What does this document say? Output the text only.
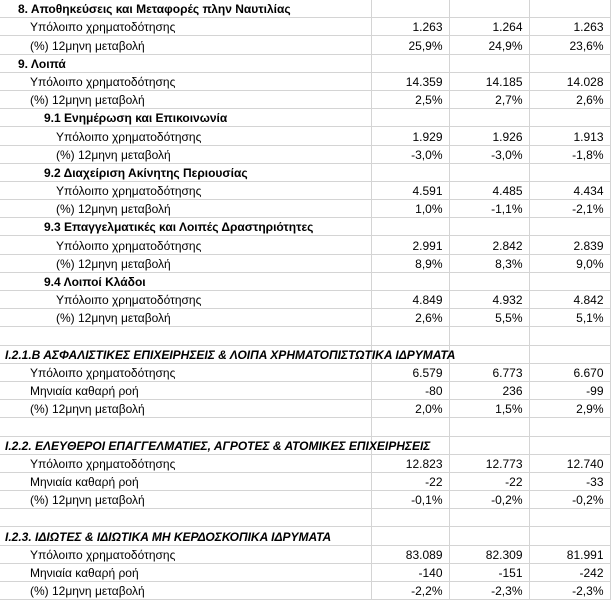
8. Αποθηκεύσεις και Μεταφορές πλην Ναυτιλίας			
Υπόλοιπο χρηματοδότησης	1.263	1.264	1.263
(%) 12μηνη μεταβολή	25,9%	24,9%	23,6%
9. Λοιπά			
Υπόλοιπο χρηματοδότησης	14.359	14.185	14.028
(%) 12μηνη μεταβολή	2,5%	2,7%	2,6%
9.1 Ενημέρωση και Επικοινωνία			
Υπόλοιπο χρηματοδότησης	1.929	1.926	1.913
(%) 12μηνη μεταβολή	-3,0%	-3,0%	-1,8%
9.2 Διαχείριση Ακίνητης Περιουσίας			
Υπόλοιπο χρηματοδότησης	4.591	4.485	4.434
(%) 12μηνη μεταβολή	1,0%	-1,1%	-2,1%
9.3 Επαγγελματικές και Λοιπές Δραστηριότητες			
Υπόλοιπο χρηματοδότησης	2.991	2.842	2.839
(%) 12μηνη μεταβολή	8,9%	8,3%	9,0%
9.4 Λοιποί Κλάδοι			
Υπόλοιπο χρηματοδότησης	4.849	4.932	4.842
(%) 12μηνη μεταβολή	2,6%	5,5%	5,1%

Ι.2.1.Β ΑΣΦΑΛΙΣΤΙΚΕΣ ΕΠΙΧΕΙΡΗΣΕΙΣ & ΛΟΙΠΑ ΧΡΗΜΑΤΟΠΙΣΤΩΤΙΚΑ ΙΔΡΥΜΑΤΑ			
Υπόλοιπο χρηματοδότησης	6.579	6.773	6.670
Μηνιαία καθαρή ροή	-80	236	-99
(%) 12μηνη μεταβολή	2,0%	1,5%	2,9%

Ι.2.2. ΕΛΕΥΘΕΡΟΙ ΕΠΑΓΓΕΛΜΑΤΙΕΣ, ΑΓΡΟΤΕΣ & ΑΤΟΜΙΚΕΣ ΕΠΙΧΕΙΡΗΣΕΙΣ			
Υπόλοιπο χρηματοδότησης	12.823	12.773	12.740
Μηνιαία καθαρή ροή	-22	-22	-33
(%) 12μηνη μεταβολή	-0,1%	-0,2%	-0,2%

Ι.2.3. ΙΔΙΩΤΕΣ & ΙΔΙΩΤΙΚΑ ΜΗ ΚΕΡΔΟΣΚΟΠΙΚΑ ΙΔΡΥΜΑΤΑ			
Υπόλοιπο χρηματοδότησης	83.089	82.309	81.991
Μηνιαία καθαρή ροή	-140	-151	-242
(%) 12μηνη μεταβολή	-2,2%	-2,3%	-2,3%
